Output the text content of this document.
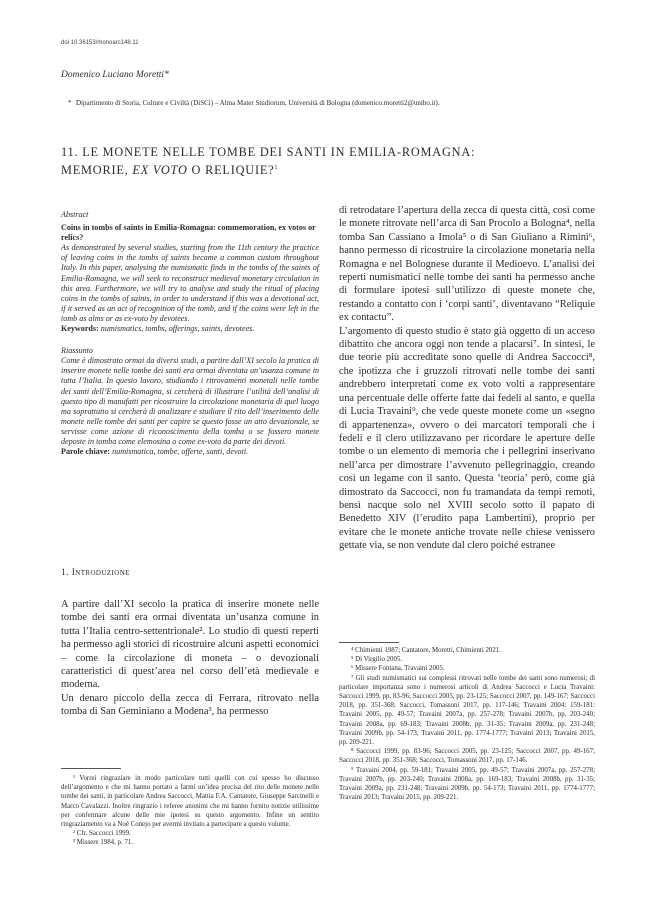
doi 10.36153/monoarc148.11
Domenico Luciano Moretti*
* Dipartimento di Storia, Culture e Civiltà (DiSCi) – Alma Mater Studiorum, Università di Bologna (domenico.moretti2@unibo.it).
11. LE MONETE NELLE TOMBE DEI SANTI IN EMILIA-ROMAGNA:
MEMORIE, EX VOTO O RELIQUIE?$^1$
Abstract
Coins in tombs of saints in Emilia-Romagna: commemoration, ex votos or relics?
As demonstrated by several studies, starting from the 11th century the practice of leaving coins in the tombs of saints became a common custom throughout Italy. In this paper, analysing the numismatic finds in the tombs of the saints of Emilia-Romagna, we will seek to reconstruct medieval monetary circulation in this area. Furthermore, we will try to analyse and study the ritual of placing coins in the tombs of saints, in order to understand if this was a devotional act, if it served as an act of recognition of the tomb, and if the coins were left in the tomb as alms or as ex-voto by devotees.
Keywords: numismatics, tombs, offerings, saints, devotees.
Riassunto
Come è dimostrato ormai da diversi studi, a partire dall’XI secolo la pratica di inserire monete nelle tombe dei santi era ormai diventata un’usanza comune in tutta l’Italia. In questo lavoro, studiando i ritrovamenti monetali nelle tombe dei santi dell’Emilia-Romagna, si cercherà di illustrare l’utilità dell’analisi di questo tipo di manufatti per ricostruire la circolazione monetaria di quel luogo ma soprattutto si cercherà di analizzare e studiare il rito dell’inserimento delle monete nelle tombe dei santi per capire se questo fosse un atto devozionale, se servisse come azione di riconoscimento della tomba o se fossero monete deposte in tomba come elemosina o come ex-voto da parte dei devoti.
Parole chiave: numismatica, tombe, offerte, santi, devoti.
1. Introduzione

A partire dall’XI secolo la pratica di inserire monete nelle tombe dei santi era ormai diventata un’usanza comune in tutta l’Italia centro-settentrionale². Lo studio di questi reperti ha permesso agli storici di ricostruire alcuni aspetti economici – come la circolazione di moneta – o devozionali caratteristici di quest’area nel corso dell’età medievale e moderna.

Un denaro piccolo della zecca di Ferrara, ritrovato nella tomba di San Geminiano a Modena³, ha permesso

¹ Vorrei ringraziare in modo particolare tutti quelli con cui spesso ho discusso dell’argomento e che mi hanno portato a farmi un’idea precisa del rito delle monete nelle tombe dei santi, in particolare Andrea Saccocci, Mattia F.A. Cantatore, Giuseppe Sarcinelli e Marco Cavalazzi. Inoltre ringrazio i referee anonimi che mi hanno fornito notizie utilissime per confermare alcune delle mie ipotesi su questo argomento. Infine un sentito ringraziamento va a Noé Conejo per avermi invitato a partecipare a questo volume.

² Cfr. Saccocci 1999.

³ Missere 1984, p. 71.

di retrodatare l’apertura della zecca di questa città, così come le monete ritrovate nell’arca di San Procolo a Bologna⁴, nella tomba San Cassiano a Imola⁵ o di San Giuliano a Rimini⁶, hanno permesso di ricostruire la circolazione monetaria nella Romagna e nel Bolognese durante il Medioevo. L’analisi dei reperti numismatici nelle tombe dei santi ha permesso anche di formulare ipotesi sull’utilizzo di queste monete che, restando a contatto con i ‘corpi santi’, diventavano “Reliquie ex contactu”.

L’argomento di questo studio è stato già oggetto di un acceso dibattito che ancora oggi non tende a placarsi⁷. In sintesi, le due teorie più accreditate sono quelle di Andrea Saccocci⁸, che ipotizza che i gruzzoli ritrovati nelle tombe dei santi andrebbero interpretati come ex voto volti a rappresentare una percentuale delle offerte fatte dai fedeli al santo, e quella di Lucia Travaini⁹, che vede queste monete come un «segno di appartenenza», ovvero o dei marcatori temporali che i fedeli e il clero utilizzavano per ricordare le aperture delle tombe o un elemento di memoria che i pellegrini inserivano nell’arca per dimostrare l’avvenuto pellegrinaggio, creando così un legame con il santo. Questa ‘teoria’ però, come già dimostrato da Saccocci, non fu tramandata da tempi remoti, bensì nacque solo nel XVIII secolo sotto il papato di Benedetto XIV (l’erudito papa Lambertini), proprio per evitare che le monete antiche trovate nelle chiese venissero gettate via, se non vendute dal clero poiché estranee

⁴ Chimienti 1987; Cantatore, Moretti, Chimienti 2021.

⁵ Di Virgilio 2005.

⁶ Missere Fontana, Travaini 2005.

⁷ Gli studi numismatici sui complessi ritrovati nelle tombe dei santi sono numerosi; di particolare importanza sono i numerosi articoli di Andrea Saccocci e Lucia Travaini: Saccocci 1999, pp. 83-96; Saccocci 2005, pp. 23-125; Saccocci 2007, pp. 149-167; Saccocci 2018, pp. 351-368; Saccocci, Tomassoni 2017, pp. 117-146; Travaini 2004: 159-181: Travaini 2005, pp. 49-57; Travaini 2007a, pp. 257-278; Travaini 2007b, pp. 203-240; Travaini 2008a, pp. 69-183; Travaini 2008b, pp. 31-35; Travaini 2009a, pp. 231-248; Travaini 2009b, pp. 54-173; Travaini 2011, pp. 1774-1777; Travaini 2013; Travaini 2015, pp. 209-221.

⁸ Saccocci 1999, pp. 83-96; Saccocci 2005, pp. 23-125; Saccocci 2007, pp. 49-167; Saccocci 2018, pp. 351-368; Saccocci, Tomassoni 2017, pp. 17-146.

⁹ Travaini 2004, pp. 59-181; Travaini 2005, pp. 49-57; Travaini 2007a, pp. 257-278; Travaini 2007b, pp. 203-240; Travaini 2008a, pp. 169-183; Travaini 2008b, pp. 31-35; Travaini 2009a, pp. 231-248; Travaini 2009b, pp. 54-173; Travaini 2011, pp. 1774-1777; Travaini 2013; Travaini 2015, pp. 209-221.
